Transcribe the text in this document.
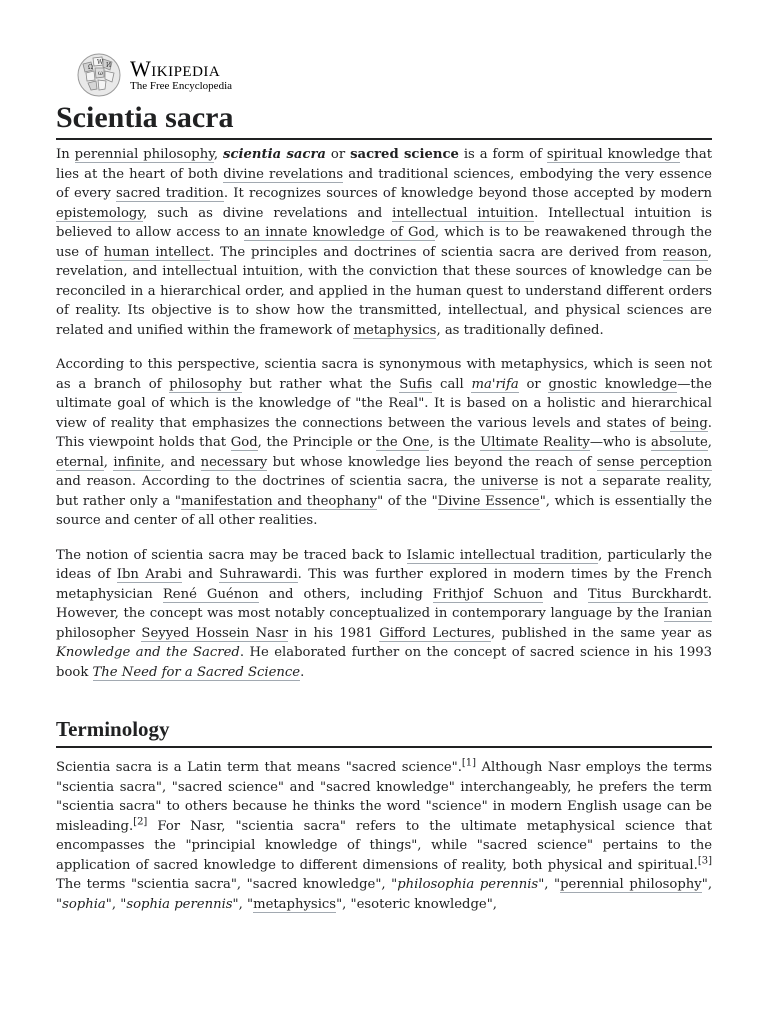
Ω
W И
ω Wikipedia
The Free Encyclopedia
Scientia sacra

In perennial philosophy, scientia sacra or sacred science is a form of spiritual knowledge that lies at the heart of both divine revelations and traditional sciences, embodying the very essence of every sacred tradition. It recognizes sources of knowledge beyond those accepted by modern epistemology, such as divine revelations and intellectual intuition. Intellectual intuition is believed to allow access to an innate knowledge of God, which is to be reawakened through the use of human intellect. The principles and doctrines of scientia sacra are derived from reason, revelation, and intellectual intuition, with the conviction that these sources of knowledge can be reconciled in a hierarchical order, and applied in the human quest to understand different orders of reality. Its objective is to show how the transmitted, intellectual, and physical sciences are related and unified within the framework of metaphysics, as traditionally defined.

According to this perspective, scientia sacra is synonymous with metaphysics, which is seen not as a branch of philosophy but rather what the Sufis call ma'rifa or gnostic knowledge—the ultimate goal of which is the knowledge of "the Real". It is based on a holistic and hierarchical view of reality that emphasizes the connections between the various levels and states of being. This viewpoint holds that God, the Principle or the One, is the Ultimate Reality—who is absolute, eternal, infinite, and necessary but whose knowledge lies beyond the reach of sense perception and reason. According to the doctrines of scientia sacra, the universe is not a separate reality, but rather only a "manifestation and theophany" of the "Divine Essence", which is essentially the source and center of all other realities.

The notion of scientia sacra may be traced back to Islamic intellectual tradition, particularly the ideas of Ibn Arabi and Suhrawardi. This was further explored in modern times by the French metaphysician René Guénon and others, including Frithjof Schuon and Titus Burckhardt. However, the concept was most notably conceptualized in contemporary language by the Iranian philosopher Seyyed Hossein Nasr in his 1981 Gifford Lectures, published in the same year as Knowledge and the Sacred. He elaborated further on the concept of sacred science in his 1993 book The Need for a Sacred Science.

Terminology

Scientia sacra is a Latin term that means "sacred science".[1] Although Nasr employs the terms "scientia sacra", "sacred science" and "sacred knowledge" interchangeably, he prefers the term "scientia sacra" to others because he thinks the word "science" in modern English usage can be misleading.[2] For Nasr, "scientia sacra" refers to the ultimate metaphysical science that encompasses the "principial knowledge of things", while "sacred science" pertains to the application of sacred knowledge to different dimensions of reality, both physical and spiritual.[3] The terms "scientia sacra", "sacred knowledge", "philosophia perennis", "perennial philosophy", "sophia", "sophia perennis", "metaphysics", "esoteric knowledge",
